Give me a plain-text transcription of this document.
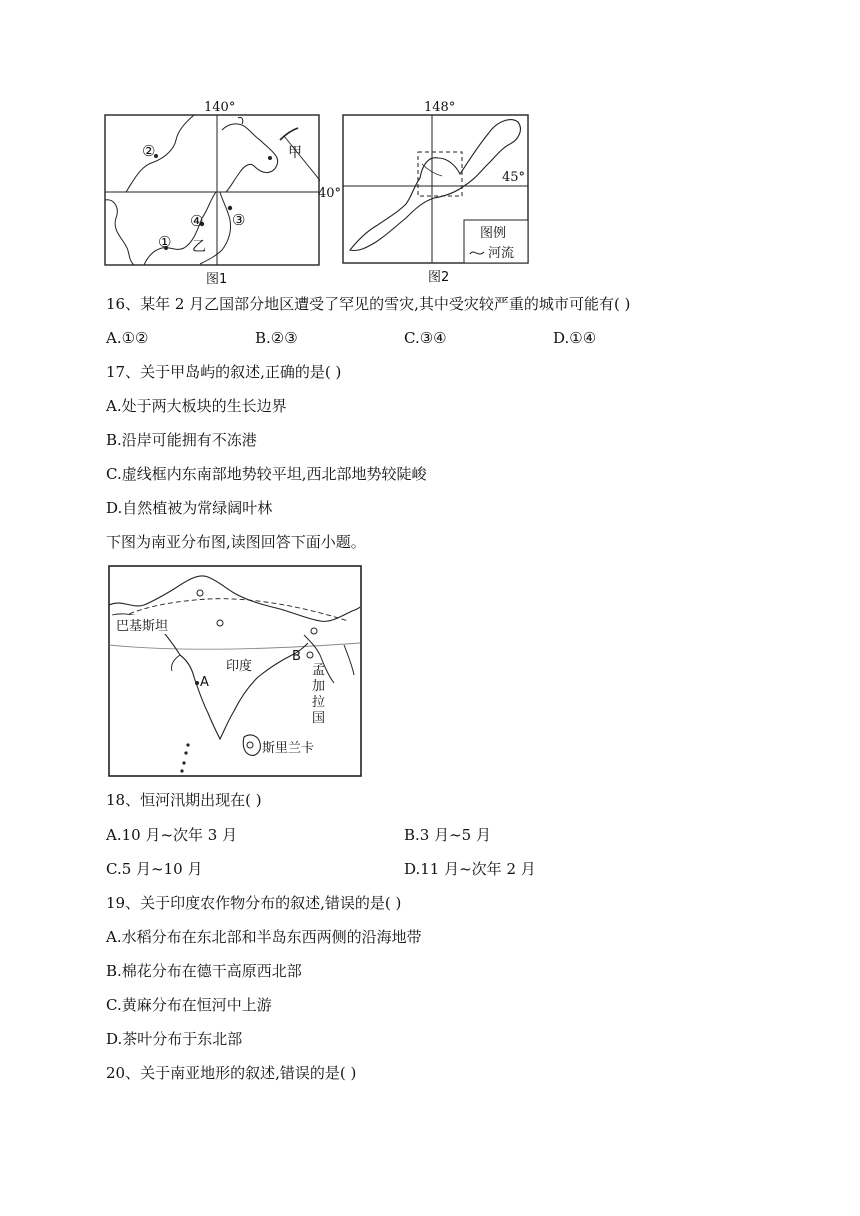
140°
②
④ ③
① 乙
甲
图1
148°
40°
45°
图例
河流
图2
16、某年 2 月乙国部分地区遭受了罕见的雪灾,其中受灾较严重的城市可能有( )
A.①②	B.②③	C.③④	D.①④
17、关于甲岛屿的叙述,正确的是( )
A.处于两大板块的生长边界
B.沿岸可能拥有不冻港
C.虚线框内东南部地势较平坦,西北部地势较陡峻
D.自然植被为常绿阔叶林
下图为南亚分布图,读图回答下面小题。
巴基斯坦
印度
A
B
孟
加
拉
国
斯里兰卡
18、恒河汛期出现在( )
A.10 月~次年 3 月	B.3 月~5 月
C.5 月~10 月	D.11 月~次年 2 月
19、关于印度农作物分布的叙述,错误的是( )
A.水稻分布在东北部和半岛东西两侧的沿海地带
B.棉花分布在德干高原西北部
C.黄麻分布在恒河中上游
D.茶叶分布于东北部
20、关于南亚地形的叙述,错误的是( )
